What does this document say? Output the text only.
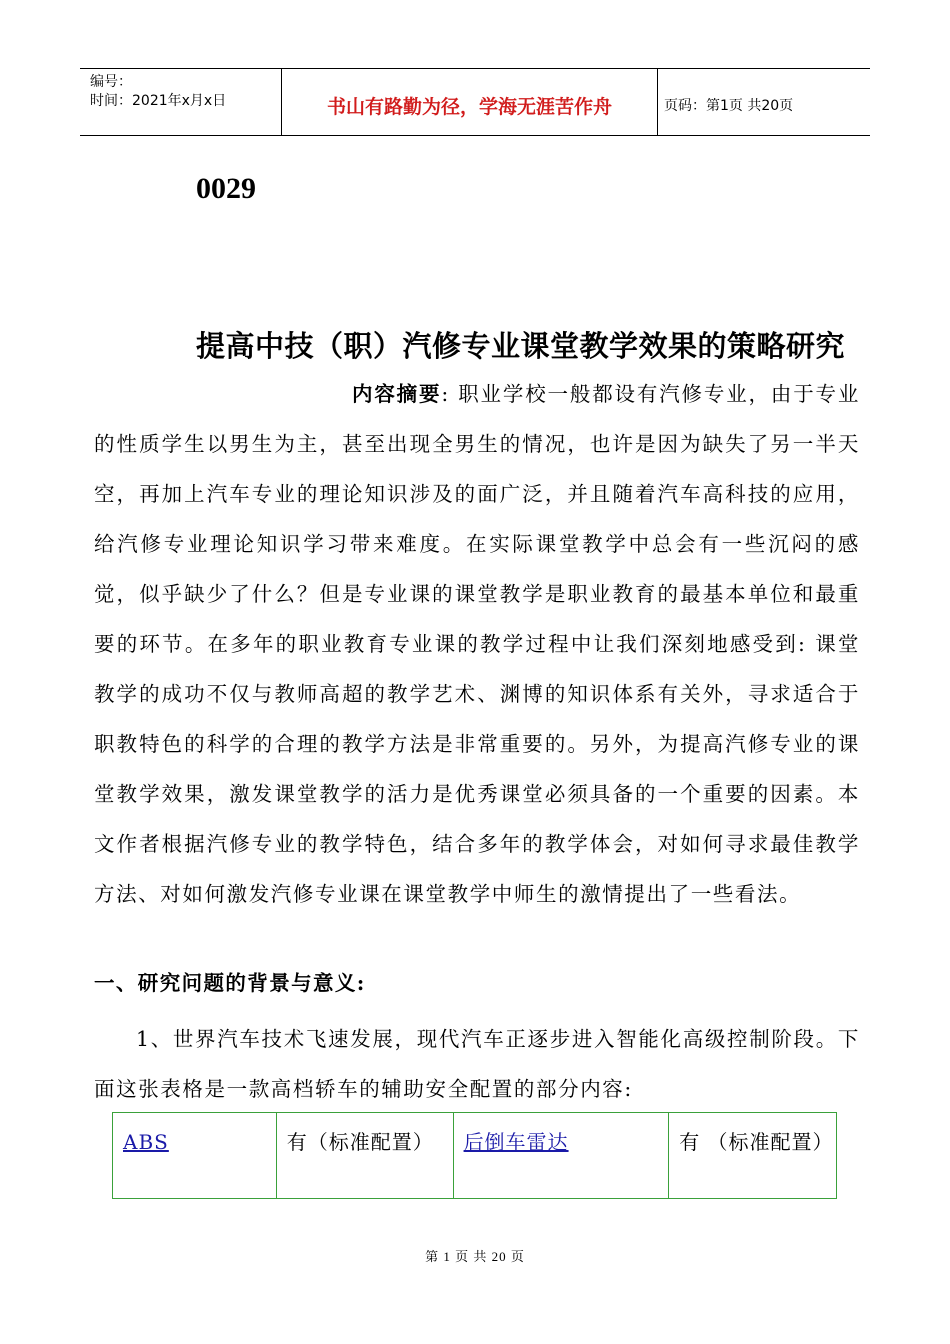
编号：
时间：2021年x月x日	书山有路勤为径，学海无涯苦作舟	页码：第1页 共20页
0029
提高中技（职）汽修专业课堂教学效果的策略研究
内容摘要: 职业学校一般都设有汽修专业，由于专业的性质学生以男生为主，甚至出现全男生的情况，也许是因为缺失了另一半天空，再加上汽车专业的理论知识涉及的面广泛，并且随着汽车高科技的应用，给汽修专业理论知识学习带来难度。在实际课堂教学中总会有一些沉闷的感觉，似乎缺少了什么？但是专业课的课堂教学是职业教育的最基本单位和最重要的环节。在多年的职业教育专业课的教学过程中让我们深刻地感受到: 课堂教学的成功不仅与教师高超的教学艺术、渊博的知识体系有关外，寻求适合于职教特色的科学的合理的教学方法是非常重要的。另外，为提高汽修专业的课堂教学效果，激发课堂教学的活力是优秀课堂必须具备的一个重要的因素。本文作者根据汽修专业的教学特色，结合多年的教学体会，对如何寻求最佳教学方法、对如何激发汽修专业课在课堂教学中师生的激情提出了一些看法。
一、研究问题的背景与意义:
1、世界汽车技术飞速发展，现代汽车正逐步进入智能化高级控制阶段。下面这张表格是一款高档轿车的辅助安全配置的部分内容:
ABS	有（标准配置）	后倒车雷达	有 （标准配置）
第 1 页 共 20 页
